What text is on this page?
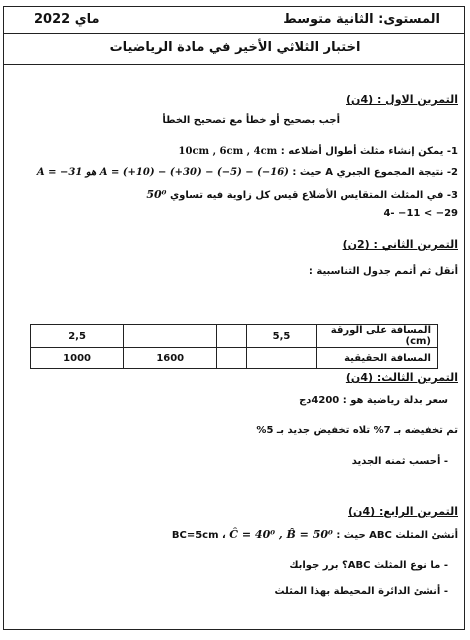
المستوى: الثانية متوسط
ماي 2022
اختبار الثلاثي الأخير في مادة الرياضيات
التمرين الاول : (4ن)
أجب بصحيح أو خطأ مع تصحيح الخطأ
1- يمكن إنشاء مثلث أطوال أضلاعه : 10cm , 6cm , 4cm
2- نتيجة المجموع الجبري A حيث : A = (+10) − (+30) − (−5) − (−16) هو A = −31
3- في المثلث المتقايس الأضلاع قيس كل زاوية فيه تساوي 50⁰
4- −11 < −29
التمرين الثاني : (2ن)
أنقل ثم أتمم جدول التناسبية :
المسافة على الورقة (cm)	5,5			2,5
المسافة الحقيقية			1600	1000
التمرين الثالث: (4ن)
سعر بدلة رياضية هو : 4200دج
تم تخفيضه بـ 7% تلاه تخفيض جديد بـ 5%
- أحسب ثمنه الجديد
التمرين الرابع: (4ن)
أنشئ المثلث ABC حيث : BC=5cm ، Ĉ = 40⁰ , B̂ = 50⁰
- ما نوع المثلث ABC؟ برر جوابك
- أنشئ الدائرة المحيطة بهذا المثلث
